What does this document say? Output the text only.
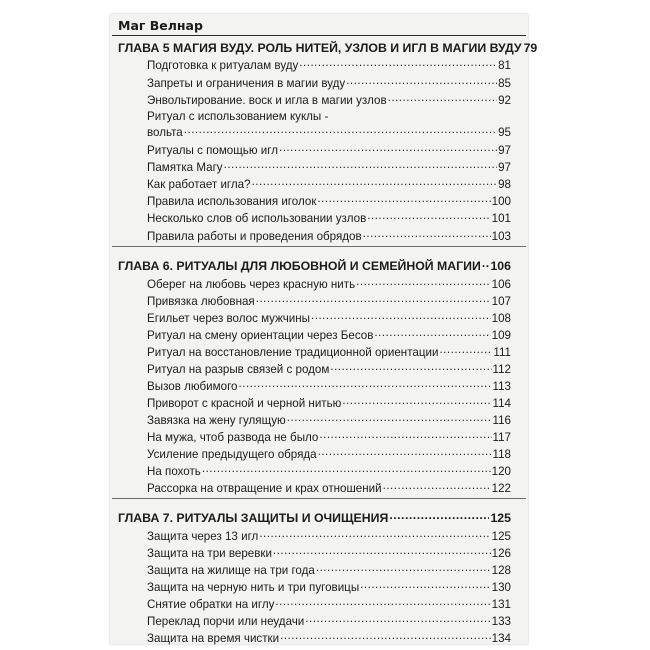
Маг Велнар
ГЛАВА 5 МАГИЯ ВУДУ. РОЛЬ НИТЕЙ, УЗЛОВ И ИГЛ В МАГИИ ВУДУ 79
Подготовка к ритуалам вуду .....	81
Запреты и ограничения в магии вуду .....	85
Энвольтирование. воск и игла в магии узлов .....	92
Ритуал с использованием куклы -
вольта .....	95
Ритуалы с помощью игл .....	97
Памятка Магу .....	97
Как работает игла? .....	98
Правила использования иголок .....	100
Несколько слов об использовании узлов .....	101
Правила работы и проведения обрядов .....	103
ГЛАВА 6. РИТУАЛЫ ДЛЯ ЛЮБОВНОЙ И СЕМЕЙНОЙ МАГИИ ..... 106
Оберег на любовь через красную нить .....	106
Привязка любовная .....	107
Егильет через волос мужчины .....	108
Ритуал на смену ориентации через Бесов .....	109
Ритуал на восстановление традиционной ориентации .....	111
Ритуал на разрыв связей с родом .....	112
Вызов любимого .....	113
Приворот с красной и черной нитью .....	114
Завязка на жену гулящую .....	116
На мужа, чтоб развода не было .....	117
Усиление предыдущего обряда .....	118
На похоть .....	120
Рассорка на отвращение и крах отношений .....	122
ГЛАВА 7. РИТУАЛЫ ЗАЩИТЫ И ОЧИЩЕНИЯ .....	125
Защита через 13 игл .....	125
Защита на три веревки .....	126
Защита на жилище на три года .....	128
Защита на черную нить и три пуговицы .....	130
Снятие обратки на иглу .....	131
Переклад порчи или неудачи .....	133
Защита на время чистки .....	134
